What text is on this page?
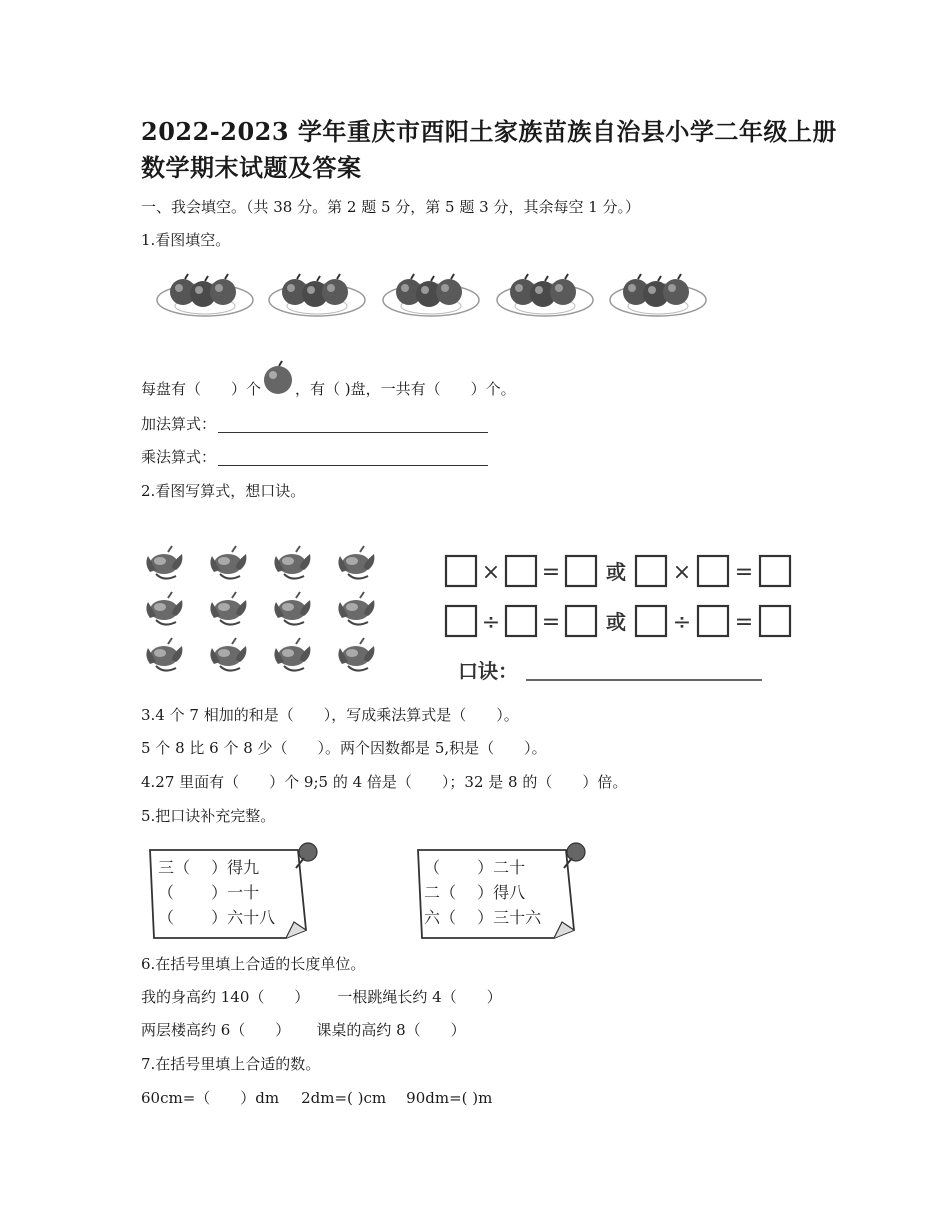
2022-2023 学年重庆市酉阳土家族苗族自治县小学二年级上册
数学期末试题及答案
一、我会填空。（共 38 分。第 2 题 5 分，第 5 题 3 分，其余每空 1 分。）
1.看图填空。
每盘有（　　）个 ，有（ )盘，一共有（　　）个。
加法算式：
乘法算式：
2.看图写算式，想口诀。
× = 或 × =
÷ = 或 ÷ =
口诀：
3.4 个 7 相加的和是（　　），写成乘法算式是（　　）。
5 个 8 比 6 个 8 少（　　）。两个因数都是 5,积是（　　）。
4.27 里面有（　　）个 9;5 的 4 倍是（　　）；32 是 8 的（　　）倍。
5.把口诀补充完整。
三（　 ）得九
（　　 ）一十
（　　 ）六十八
（　　 ）二十
二（　 ）得八
六（　 ）三十六
6.在括号里填上合适的长度单位。
我的身高约 140（　　） 一根跳绳长约 4（　　）
两层楼高约 6（　　） 课桌的高约 8（　　）
7.在括号里填上合适的数。
60cm=（　　）dm 2dm=( )cm 90dm=( )m
